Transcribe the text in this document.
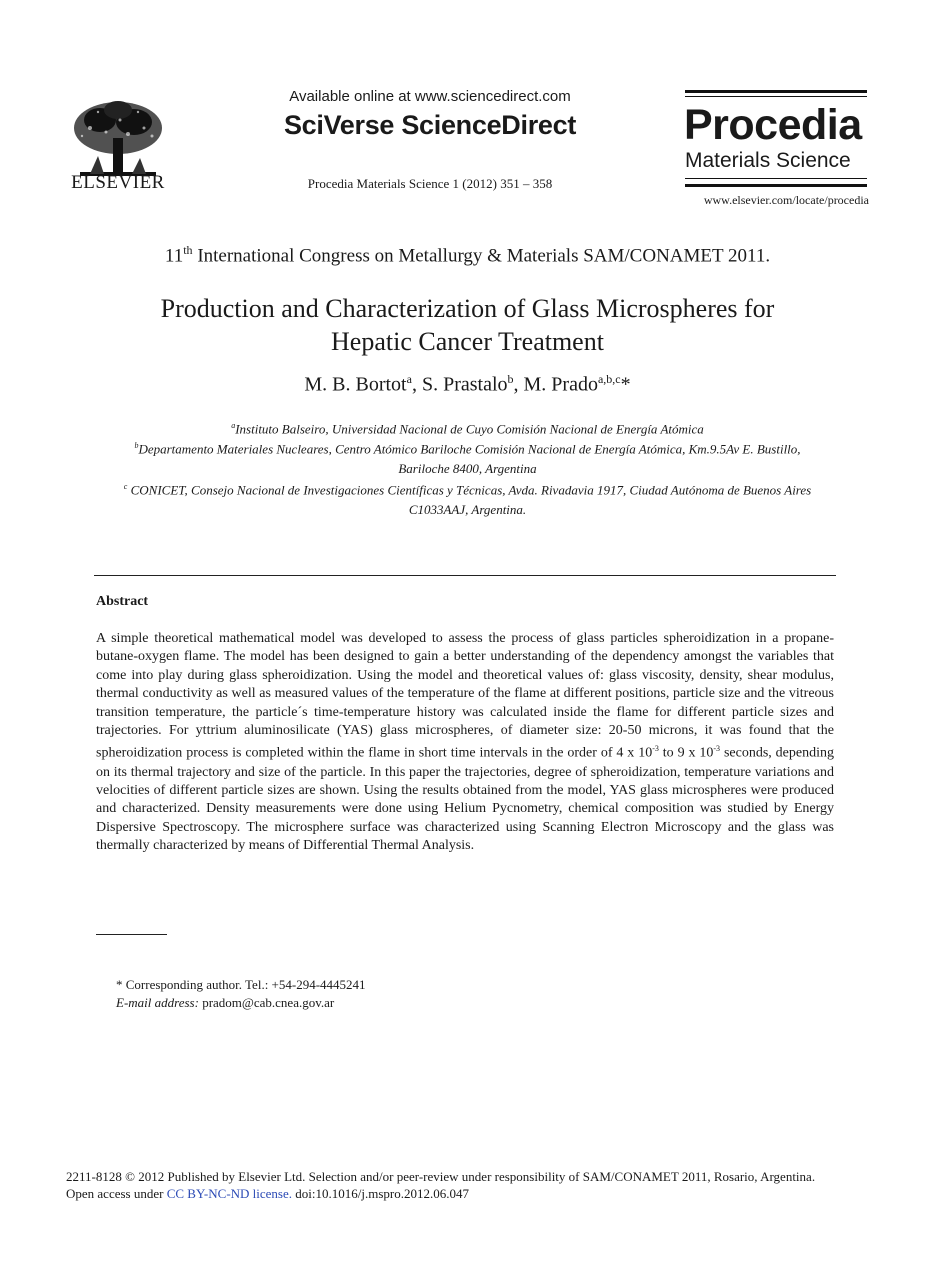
ELSEVIER
Available online at www.sciencedirect.com
SciVerse ScienceDirect
Procedia Materials Science 1 (2012) 351 – 358
Procedia
Materials Science
www.elsevier.com/locate/procedia
11th International Congress on Metallurgy & Materials SAM/CONAMET 2011.
Production and Characterization of Glass Microspheres for
Hepatic Cancer Treatment
M. B. Bortot$^a$, S. Prastalo$^b$, M. Prado$^{a,b,c}$*
$^a$Instituto Balseiro, Universidad Nacional de Cuyo Comisión Nacional de Energía Atómica
$^b$Departamento Materiales Nucleares, Centro Atómico Bariloche Comisión Nacional de Energía Atómica, Km.9.5Av E. Bustillo,
Bariloche 8400, Argentina
$^c$ CONICET, Consejo Nacional de Investigaciones Científicas y Técnicas, Avda. Rivadavia 1917, Ciudad Autónoma de Buenos Aires
C1033AAJ, Argentina.
Abstract
A simple theoretical mathematical model was developed to assess the process of glass particles spheroidization in a propane-butane-oxygen flame. The model has been designed to gain a better understanding of the dependency amongst the variables that come into play during glass spheroidization. Using the model and theoretical values of: glass viscosity, density, shear modulus, thermal conductivity as well as measured values of the temperature of the flame at different positions, particle size and the vitreous transition temperature, the particle´s time-temperature history was calculated inside the flame for different particle sizes and trajectories. For yttrium aluminosilicate (YAS) glass microspheres, of diameter size: 20-50 microns, it was found that the spheroidization process is completed within the flame in short time intervals in the order of 4 x $10^{-3}$ to 9 x $10^{-3}$ seconds, depending on its thermal trajectory and size of the particle. In this paper the trajectories, degree of spheroidization, temperature variations and velocities of different particle sizes are shown. Using the results obtained from the model, YAS glass microspheres were produced and characterized. Density measurements were done using Helium Pycnometry, chemical composition was studied by Energy Dispersive Spectroscopy. The microsphere surface was characterized using Scanning Electron Microscopy and the glass was thermally characterized by means of Differential Thermal Analysis.
* Corresponding author. Tel.: +54-294-4445241
E-mail address: pradom@cab.cnea.gov.ar
2211-8128 © 2012 Published by Elsevier Ltd. Selection and/or peer-review under responsibility of SAM/CONAMET 2011, Rosario, Argentina.
Open access under CC BY-NC-ND license. doi:10.1016/j.mspro.2012.06.047
